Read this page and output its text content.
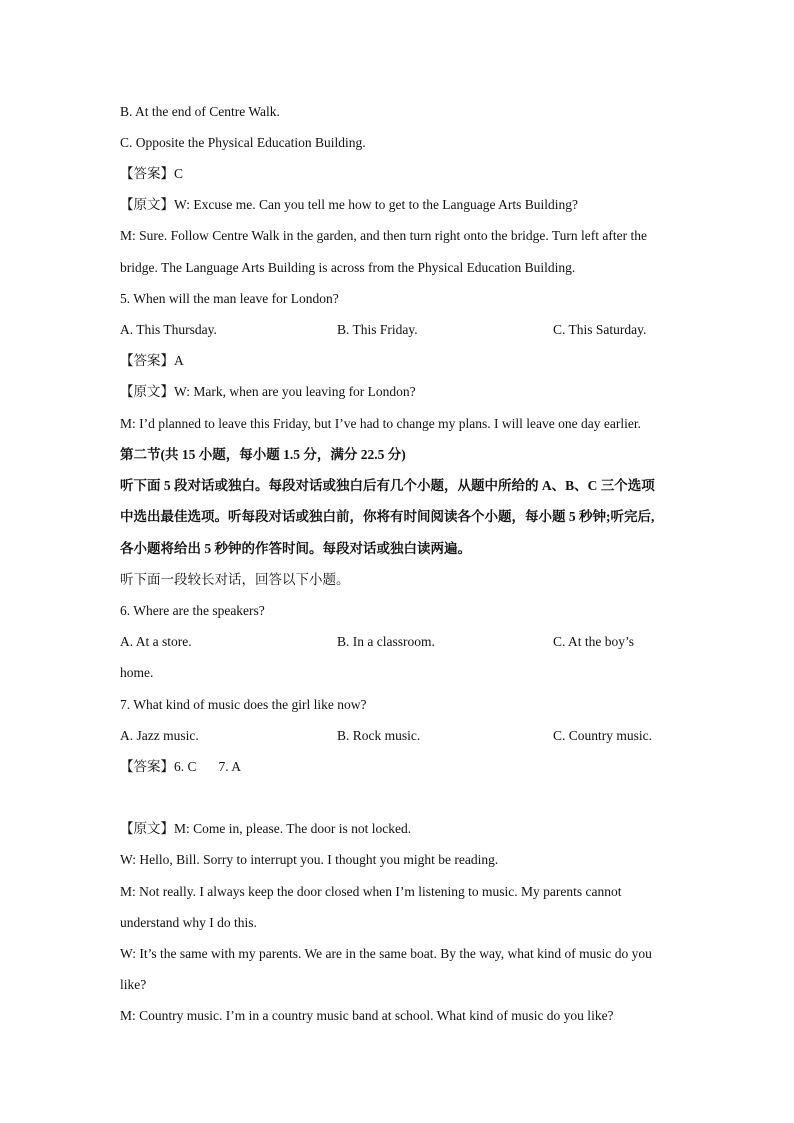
B. At the end of Centre Walk.
C. Opposite the Physical Education Building.
【答案】C
【原文】W: Excuse me. Can you tell me how to get to the Language Arts Building?
M: Sure. Follow Centre Walk in the garden, and then turn right onto the bridge. Turn left after the
bridge. The Language Arts Building is across from the Physical Education Building.
5. When will the man leave for London?
A. This Thursday.	B. This Friday.	C. This Saturday.
【答案】A
【原文】W: Mark, when are you leaving for London?
M: I’d planned to leave this Friday, but I’ve had to change my plans. I will leave one day earlier.
第二节(共 15 小题，每小题 1.5 分，满分 22.5 分)
听下面 5 段对话或独白。每段对话或独白后有几个小题，从题中所给的 A、B、C 三个选项
中选出最佳选项。听每段对话或独白前，你将有时间阅读各个小题，每小题 5 秒钟;听完后,
各小题将给出 5 秒钟的作答时间。每段对话或独白读两遍。
听下面一段较长对话，回答以下小题。
6. Where are the speakers?
A. At a store.	B. In a classroom.	C. At the boy’s
home.
7. What kind of music does the girl like now?
A. Jazz music.	B. Rock music.	C. Country music.
【答案】6. C 7. A
【原文】M: Come in, please. The door is not locked.
W: Hello, Bill. Sorry to interrupt you. I thought you might be reading.
M: Not really. I always keep the door closed when I’m listening to music. My parents cannot
understand why I do this.
W: It’s the same with my parents. We are in the same boat. By the way, what kind of music do you
like?
M: Country music. I’m in a country music band at school. What kind of music do you like?
